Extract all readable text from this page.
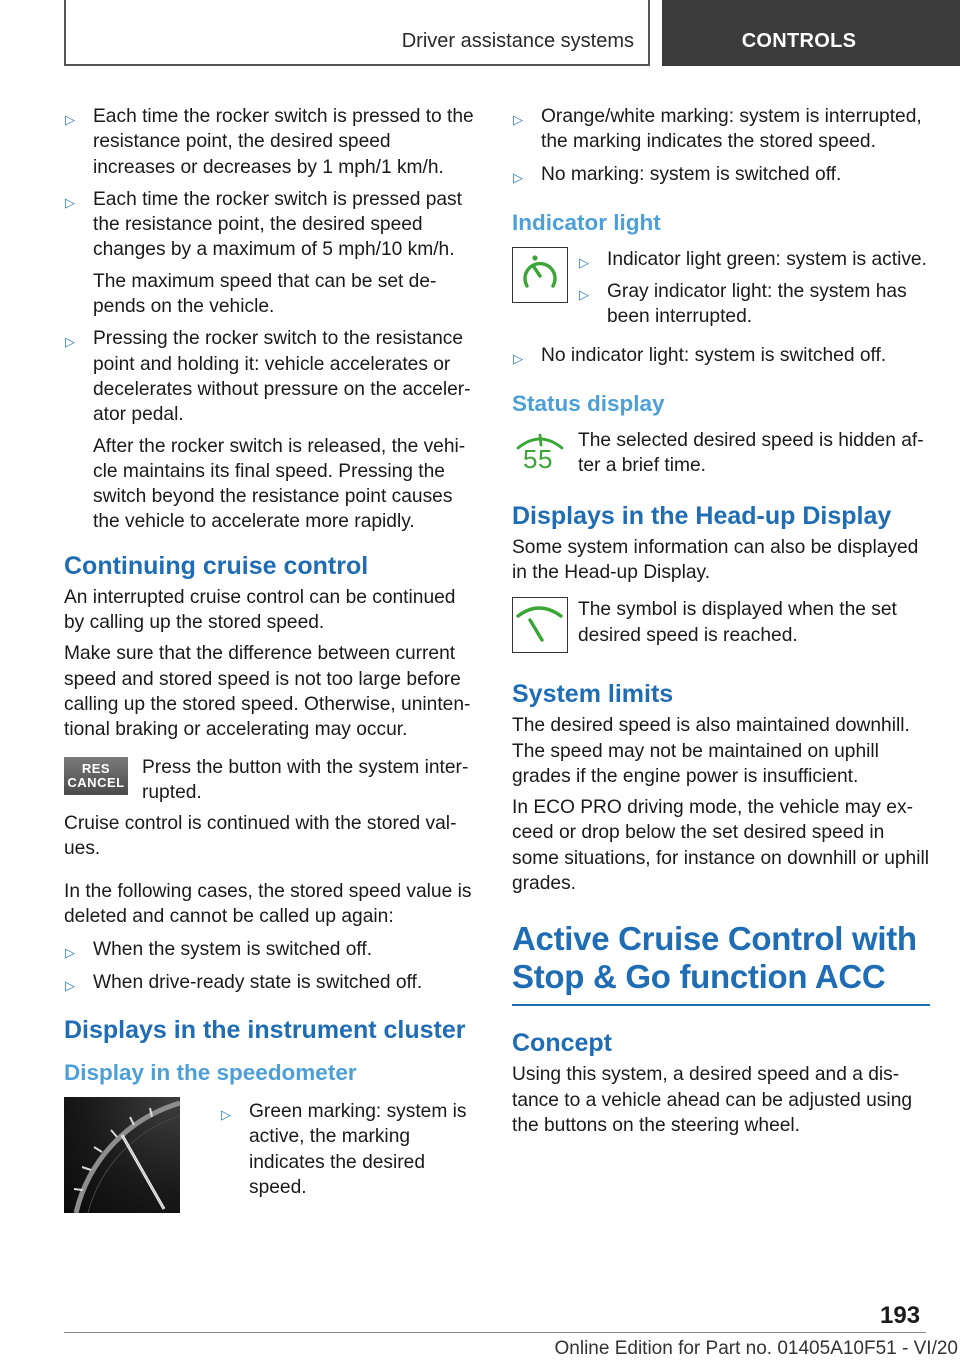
Driver assistance systems	CONTROLS
▷ Each time the rocker switch is pressed to the resistance point, the desired speed increases or decreases by 1 mph/1 km/h.
▷ Each time the rocker switch is pressed past the resistance point, the desired speed changes by a maximum of 5 mph/10 km/h.
The maximum speed that can be set depends on the vehicle.
▷ Pressing the rocker switch to the resistance point and holding it: vehicle accelerates or decelerates without pressure on the accelerator pedal.
After the rocker switch is released, the vehicle maintains its final speed. Pressing the switch beyond the resistance point causes the vehicle to accelerate more rapidly.
Continuing cruise control
An interrupted cruise control can be continued by calling up the stored speed.
Make sure that the difference between current speed and stored speed is not too large before calling up the stored speed. Otherwise, unintentional braking or accelerating may occur.
RES
CANCEL
Press the button with the system interrupted.
Cruise control is continued with the stored values.
In the following cases, the stored speed value is deleted and cannot be called up again:
▷ When the system is switched off.
▷ When drive-ready state is switched off.
Displays in the instrument cluster
Display in the speedometer
▷ Green marking: system is active, the marking indicates the desired speed.
▷ Orange/white marking: system is interrupted, the marking indicates the stored speed.
▷ No marking: system is switched off.
Indicator light
▷ Indicator light green: system is active.
▷ Gray indicator light: the system has been interrupted.
▷ No indicator light: system is switched off.
Status display
55
The selected desired speed is hidden after a brief time.
Displays in the Head-up Display
Some system information can also be displayed in the Head-up Display.
The symbol is displayed when the set desired speed is reached.
System limits
The desired speed is also maintained downhill. The speed may not be maintained on uphill grades if the engine power is insufficient.
In ECO PRO driving mode, the vehicle may exceed or drop below the set desired speed in some situations, for instance on downhill or uphill grades.
Active Cruise Control with Stop & Go function ACC
Concept
Using this system, a desired speed and a distance to a vehicle ahead can be adjusted using the buttons on the steering wheel.
193
Online Edition for Part no. 01405A10F51 - VI/20
